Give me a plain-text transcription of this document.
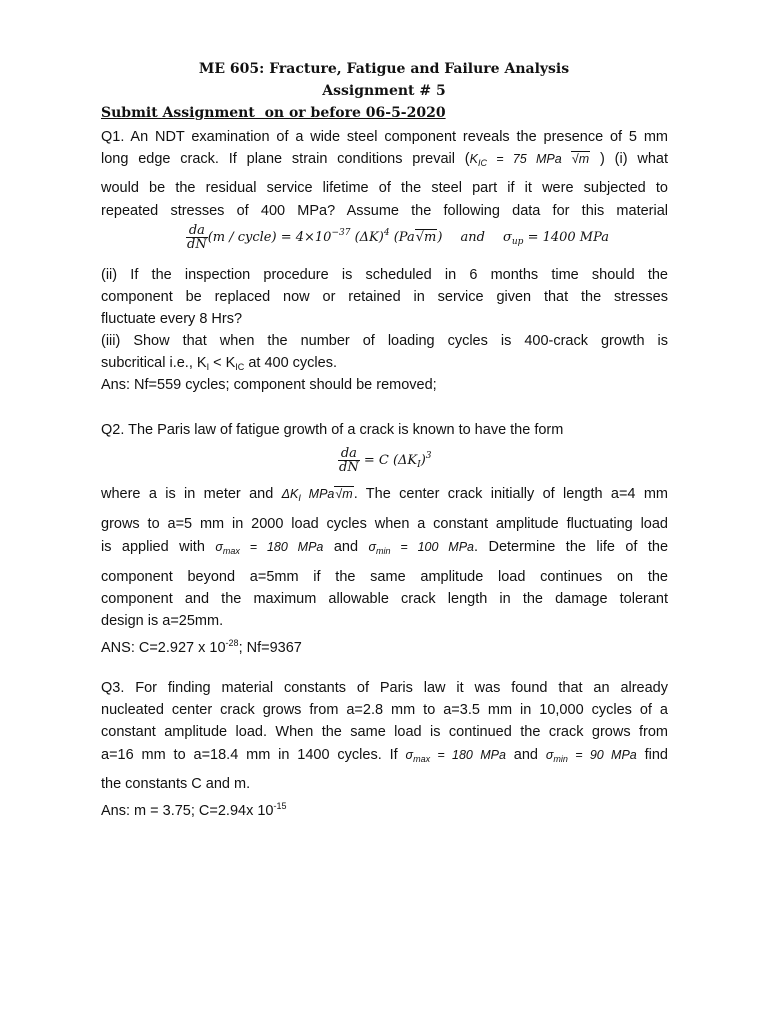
ME 605: Fracture, Fatigue and Failure Analysis
Assignment # 5
Submit Assignment  on or before 06-5-2020
Q1. An NDT examination of a wide steel component reveals the presence of 5 mm
long edge crack. If plane strain conditions prevail ($K_{IC} = 75$ MPa √m ) (i) what
would be the residual service lifetime of the steel part if it were subjected to
repeated stresses of 400 MPa? Assume the following data for this material
$\frac{da}{dN} (m$ / cycle) = $4\times 10^{-37}$ $(\Delta K)^4$ (Pa√m) and $\sigma_{up} = 1400$ MPa
(ii) If the inspection procedure is scheduled in 6 months time should the
component be replaced now or retained in service given that the stresses
fluctuate every 8 Hrs?
(iii) Show that when the number of loading cycles is 400-crack growth is
subcritical i.e., $K_I < K_{IC}$ at 400 cycles.
Ans: Nf=559 cycles; component should be removed;
Q2. The Paris law of fatigue growth of a crack is known to have the form
$\frac{da}{dN} = C$ $(\Delta K_I)^3$
where a is in meter and $\Delta K_I$ MPa√m. The center crack initially of length a=4 mm
grows to a=5 mm in 2000 load cycles when a constant amplitude fluctuating load
is applied with $\sigma_{max} = 180$ MPa and $\sigma_{min} = 100$ MPa. Determine the life of the
component beyond a=5mm if the same amplitude load continues on the
component and the maximum allowable crack length in the damage tolerant
design is a=25mm.
ANS: C=2.927 x $10^{-28}$; Nf=9367
Q3. For finding material constants of Paris law it was found that an already
nucleated center crack grows from a=2.8 mm to a=3.5 mm in 10,000 cycles of a
constant amplitude load. When the same load is continued the crack grows from
a=16 mm to a=18.4 mm in 1400 cycles. If $\sigma_{max} = 180$ MPa and $\sigma_{min} = 90$ MPa find
the constants C and m.
Ans: m = 3.75; C=2.94x $10^{-15}$
